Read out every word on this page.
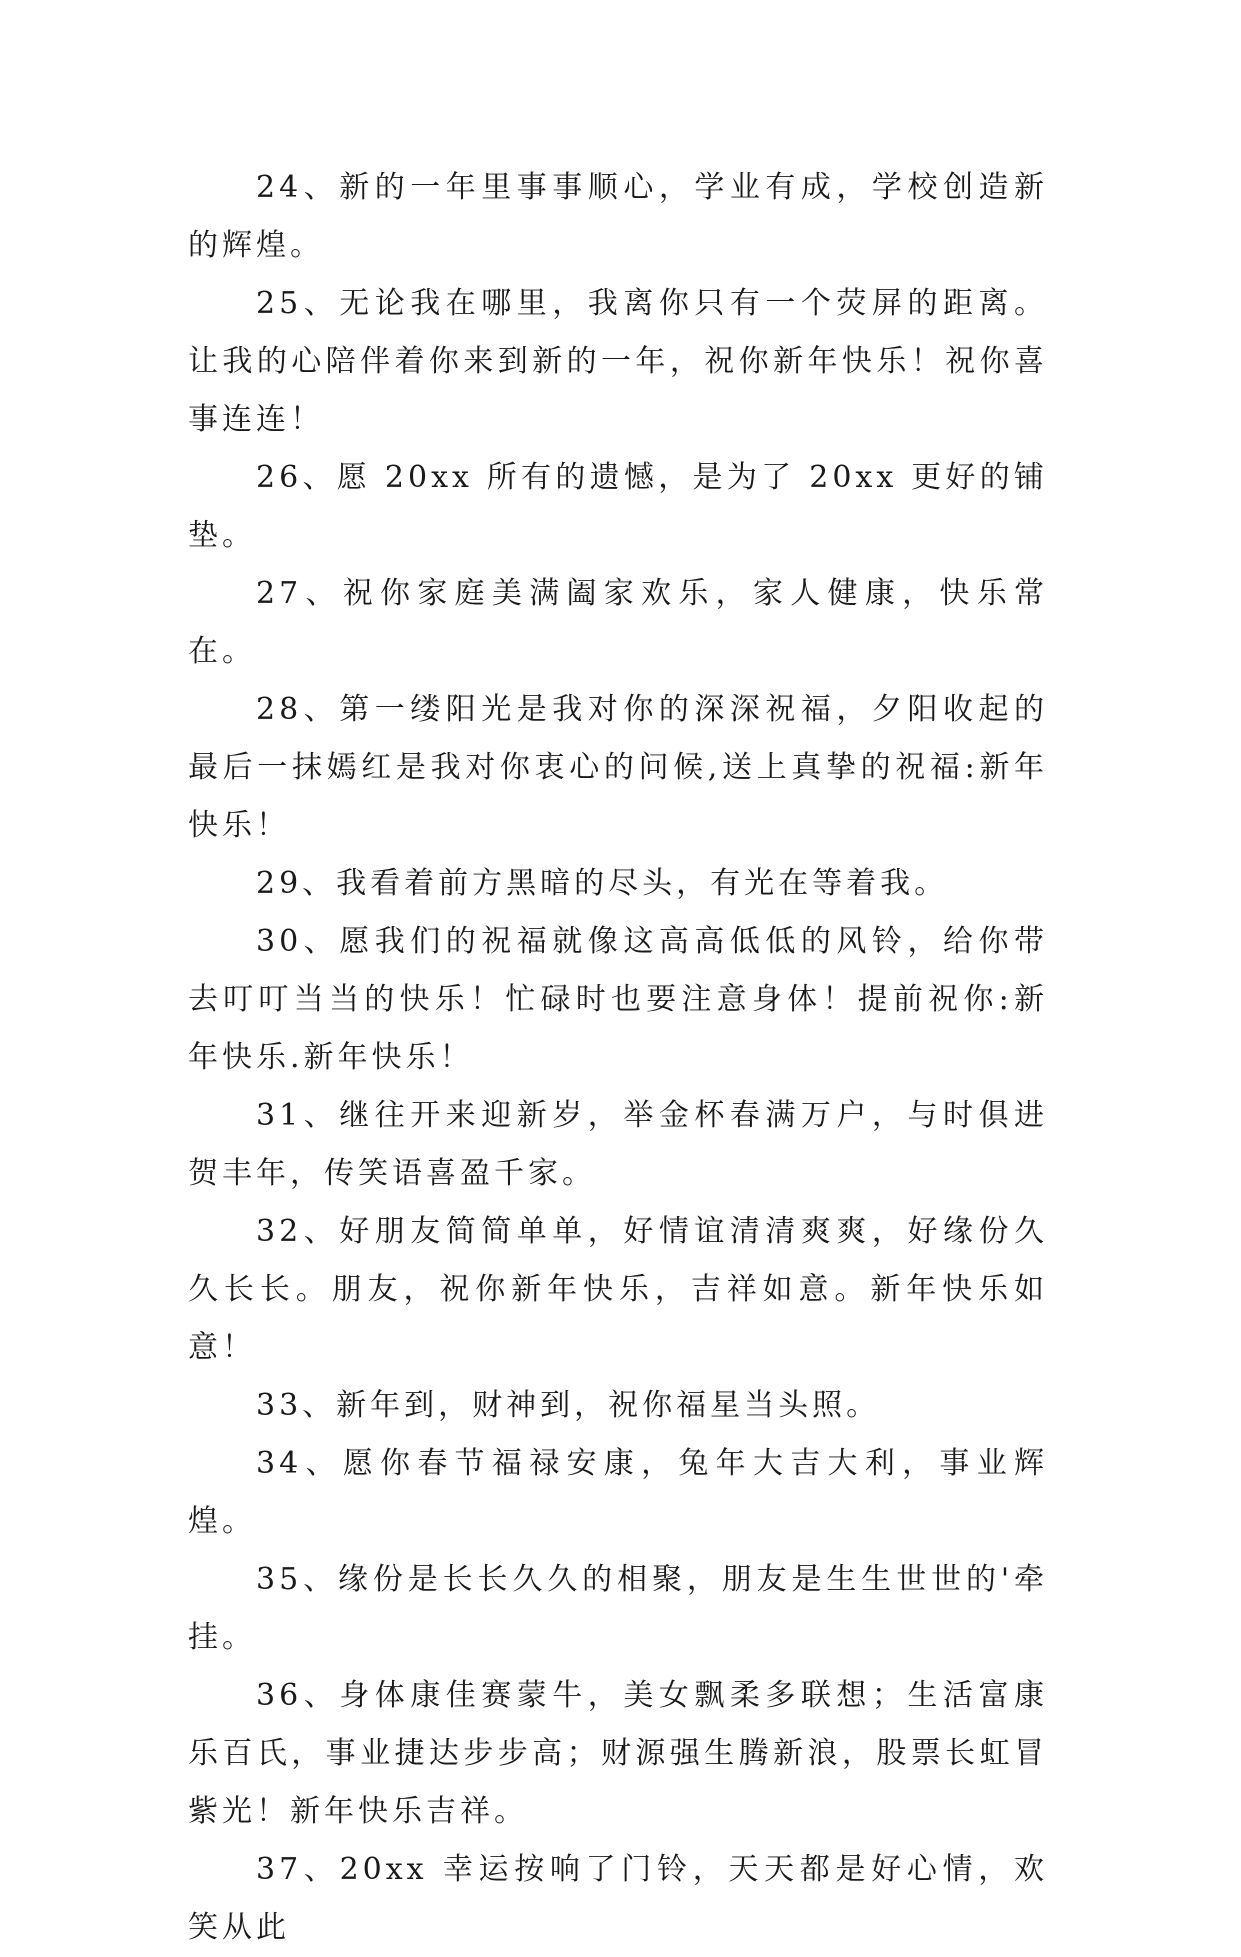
24、新的一年里事事顺心，学业有成，学校创造新的辉煌。

25、无论我在哪里，我离你只有一个荧屏的距离。让我的心陪伴着你来到新的一年，祝你新年快乐！祝你喜事连连！

26、愿 20xx 所有的遗憾，是为了 20xx 更好的铺垫。

27、祝你家庭美满阖家欢乐，家人健康，快乐常在。

28、第一缕阳光是我对你的深深祝福，夕阳收起的最后一抹嫣红是我对你衷心的问候,送上真挚的祝福:新年快乐！

29、我看着前方黑暗的尽头，有光在等着我。

30、愿我们的祝福就像这高高低低的风铃，给你带去叮叮当当的快乐！忙碌时也要注意身体！提前祝你:新年快乐.新年快乐！

31、继往开来迎新岁，举金杯春满万户，与时俱进贺丰年，传笑语喜盈千家。

32、好朋友简简单单，好情谊清清爽爽，好缘份久久长长。朋友，祝你新年快乐，吉祥如意。新年快乐如意！

33、新年到，财神到，祝你福星当头照。

34、愿你春节福禄安康，兔年大吉大利，事业辉煌。

35、缘份是长长久久的相聚，朋友是生生世世的'牵挂。

36、身体康佳赛蒙牛，美女飘柔多联想；生活富康乐百氏，事业捷达步步高；财源强生腾新浪，股票长虹冒紫光！新年快乐吉祥。

37、20xx 幸运按响了门铃，天天都是好心情，欢笑从此
